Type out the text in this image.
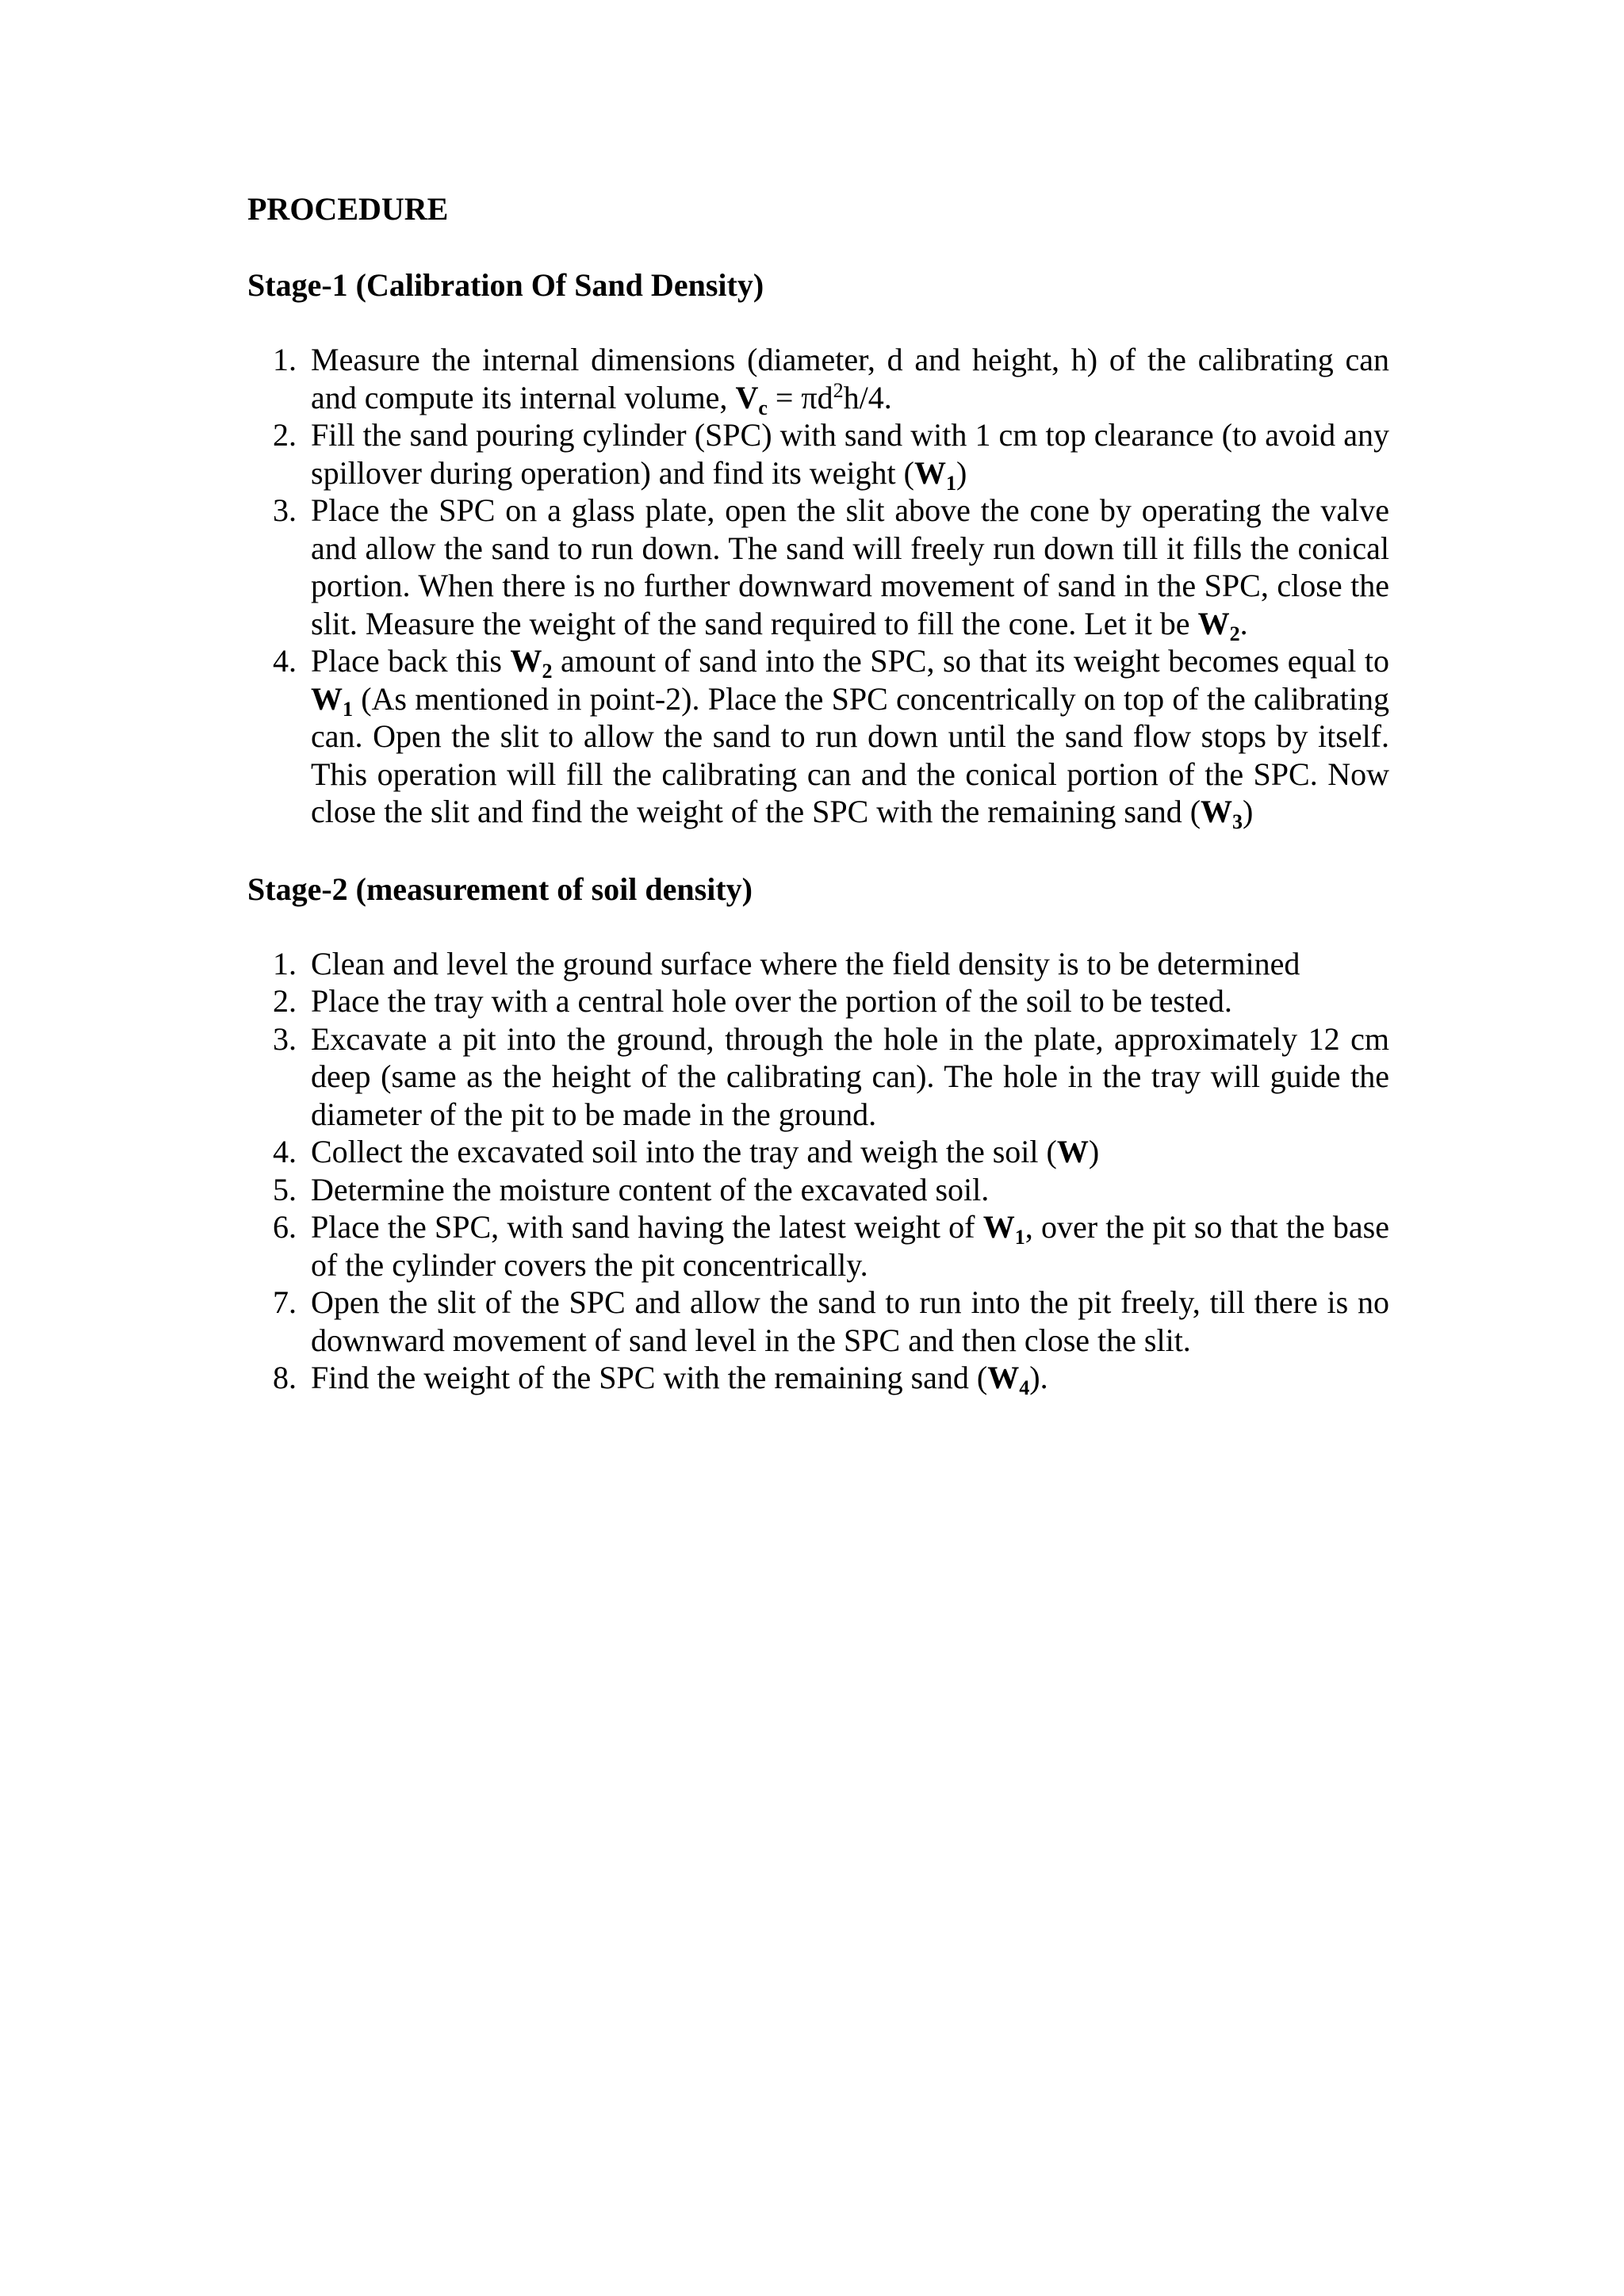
PROCEDURE
Stage-1 (Calibration Of Sand Density)
1. Measure the internal dimensions (diameter, d and height, h) of the calibrating can and compute its internal volume, $V_c = \pi d^2h/4$.
2. Fill the sand pouring cylinder (SPC) with sand with 1 cm top clearance (to avoid any spillover during operation) and find its weight $(W_1)$
3. Place the SPC on a glass plate, open the slit above the cone by operating the valve and allow the sand to run down. The sand will freely run down till it fills the conical portion. When there is no further downward movement of sand in the SPC, close the slit. Measure the weight of the sand required to fill the cone. Let it be $W_2$.
4. Place back this $W_2$ amount of sand into the SPC, so that its weight becomes equal to $W_1$ (As mentioned in point-2). Place the SPC concentrically on top of the calibrating can. Open the slit to allow the sand to run down until the sand flow stops by itself. This operation will fill the calibrating can and the conical portion of the SPC. Now close the slit and find the weight of the SPC with the remaining sand $(W_3)$
Stage-2 (measurement of soil density)
1. Clean and level the ground surface where the field density is to be determined
2. Place the tray with a central hole over the portion of the soil to be tested.
3. Excavate a pit into the ground, through the hole in the plate, approximately 12 cm deep (same as the height of the calibrating can). The hole in the tray will guide the diameter of the pit to be made in the ground.
4. Collect the excavated soil into the tray and weigh the soil (W)
5. Determine the moisture content of the excavated soil.
6. Place the SPC, with sand having the latest weight of $W_1$, over the pit so that the base of the cylinder covers the pit concentrically.
7. Open the slit of the SPC and allow the sand to run into the pit freely, till there is no downward movement of sand level in the SPC and then close the slit.
8. Find the weight of the SPC with the remaining sand $(W_4)$.
